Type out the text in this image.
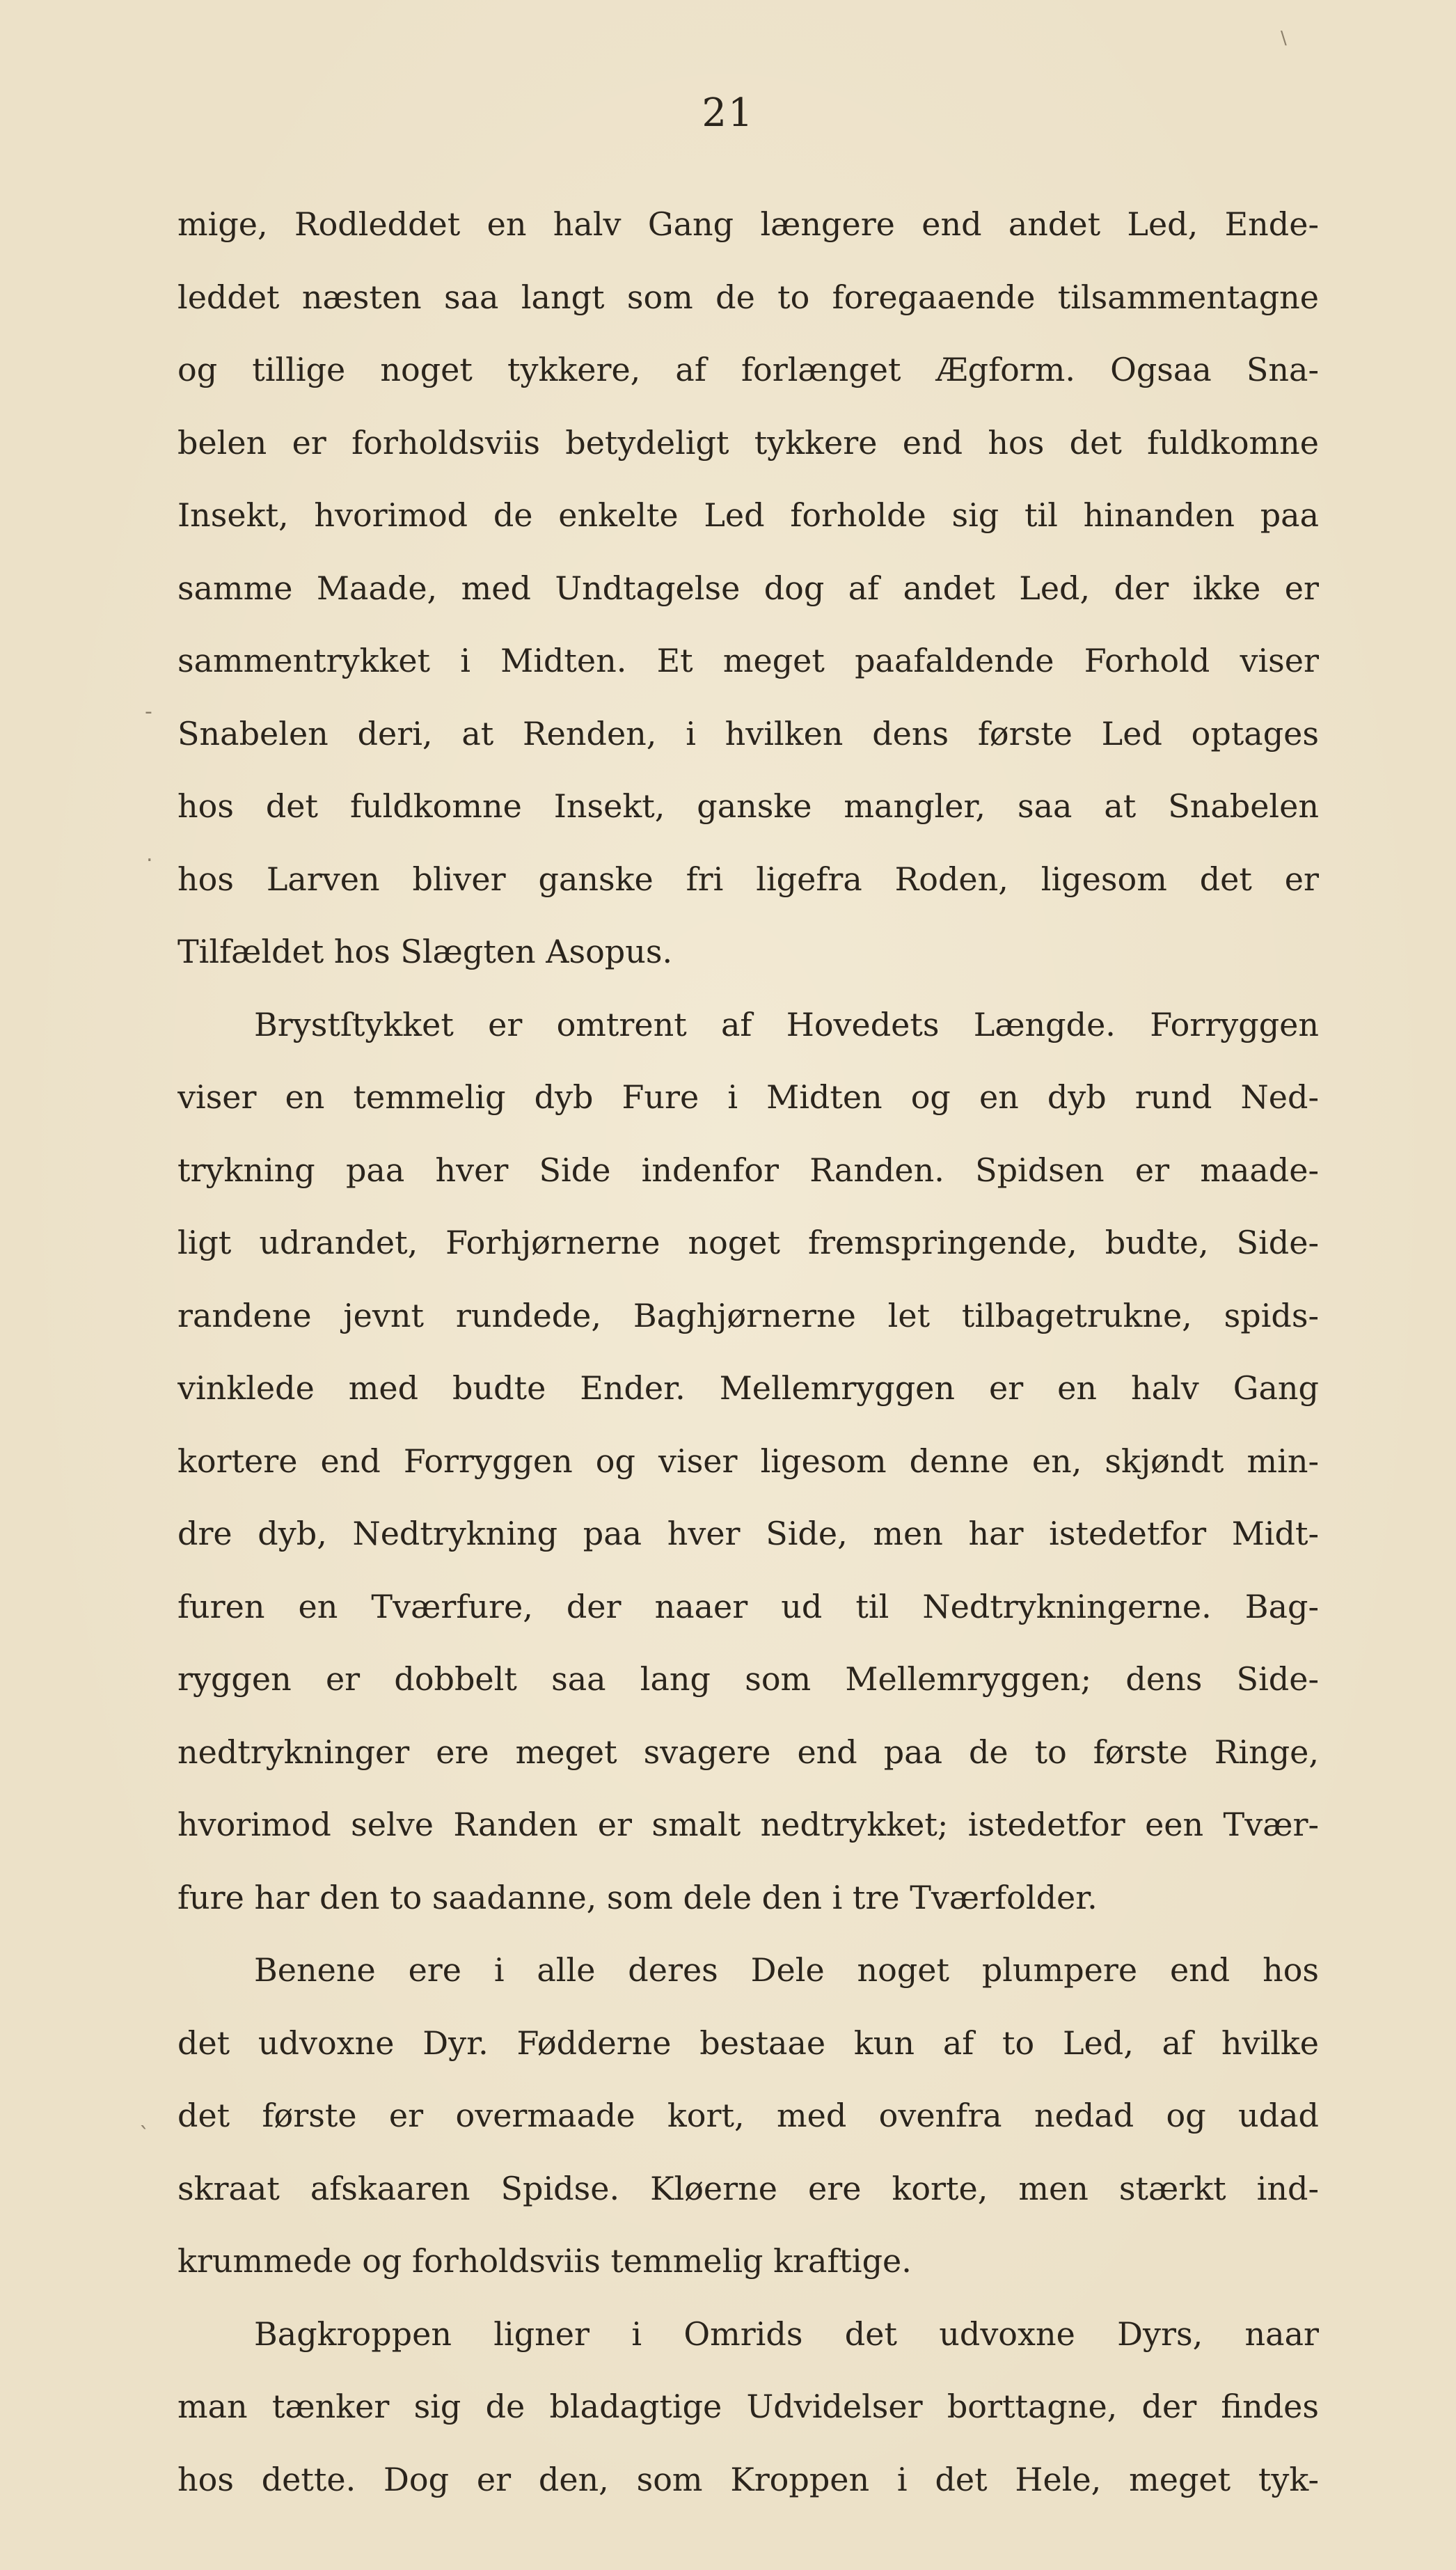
21
-
.
`
\
mige, Rodleddet en halv Gang længere end andet Led, Ende-
leddet næsten saa langt som de to foregaaende tilsammentagne
og tillige noget tykkere, af forlænget Ægform. Ogsaa Sna-
belen er forholdsviis betydeligt tykkere end hos det fuldkomne
Insekt, hvorimod de enkelte Led forholde sig til hinanden paa
samme Maade, med Undtagelse dog af andet Led, der ikke er
sammentrykket i Midten. Et meget paafaldende Forhold viser
Snabelen deri, at Renden, i hvilken dens første Led optages
hos det fuldkomne Insekt, ganske mangler, saa at Snabelen
hos Larven bliver ganske fri ligefra Roden, ligesom det er
Tilfældet hos Slægten Asopus.
Brystſtykket er omtrent af Hovedets Længde. Forryggen
viser en temmelig dyb Fure i Midten og en dyb rund Ned-
trykning paa hver Side indenfor Randen. Spidsen er maade-
ligt udrandet, Forhjørnerne noget fremspringende, budte, Side-
randene jevnt rundede, Baghjørnerne let tilbagetrukne, spids-
vinklede med budte Ender. Mellemryggen er en halv Gang
kortere end Forryggen og viser ligesom denne en, skjøndt min-
dre dyb, Nedtrykning paa hver Side, men har istedetfor Midt-
furen en Tværfure, der naaer ud til Nedtrykningerne. Bag-
ryggen er dobbelt saa lang som Mellemryggen; dens Side-
nedtrykninger ere meget svagere end paa de to første Ringe,
hvorimod selve Randen er smalt nedtrykket; istedetfor een Tvær-
fure har den to saadanne, som dele den i tre Tværfolder.
Benene ere i alle deres Dele noget plumpere end hos
det udvoxne Dyr. Fødderne bestaae kun af to Led, af hvilke
det første er overmaade kort, med ovenfra nedad og udad
skraat afskaaren Spidse. Kløerne ere korte, men stærkt ind-
krummede og forholdsviis temmelig kraftige.
Bagkroppen ligner i Omrids det udvoxne Dyrs, naar
man tænker sig de bladagtige Udvidelser borttagne, der findes
hos dette. Dog er den, som Kroppen i det Hele, meget tyk-
